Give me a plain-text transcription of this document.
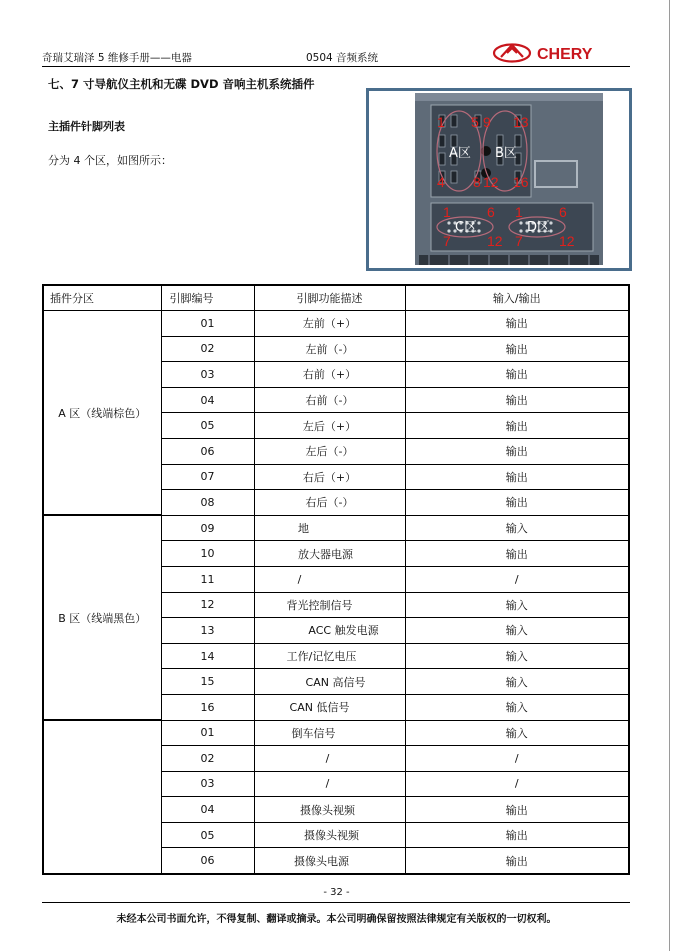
奇瑞艾瑞泽 5 维修手册——电器	0504 音频系统	CHERY
七、7 寸导航仪主机和无碟 DVD 音响主机系统插件
主插件针脚列表
分为 4 个区，如图所示：
1 5 9 13
4 8 12 16
1	6
7	12
1	6
7	12
A区 B区
C区	D区
插件分区	引脚编号	引脚功能描述	输入/输出
A 区（线端棕色）	01	左前（+）	输出
	02	左前（-）	输出
	03	右前（+）	输出
	04	右前（-）	输出
	05	左后（+）	输出
	06	左后（-）	输出
	07	右后（+）	输出
	08	右后（-）	输出
B 区（线端黑色）	09	地	输入
	10	放大器电源	输出
	11	/	/
	12	背光控制信号	输入
	13	ACC 触发电源	输入
	14	工作/记忆电压	输入
	15	CAN 高信号	输入
	16	CAN 低信号	输入
	01	倒车信号	输入
	02	/	/
	03	/	/
	04	摄像头视频	输出
	05	摄像头视频	输出
	06	摄像头电源	输出
- 32 -
未经本公司书面允许，不得复制、翻译或摘录。本公司明确保留按照法律规定有关版权的一切权利。
